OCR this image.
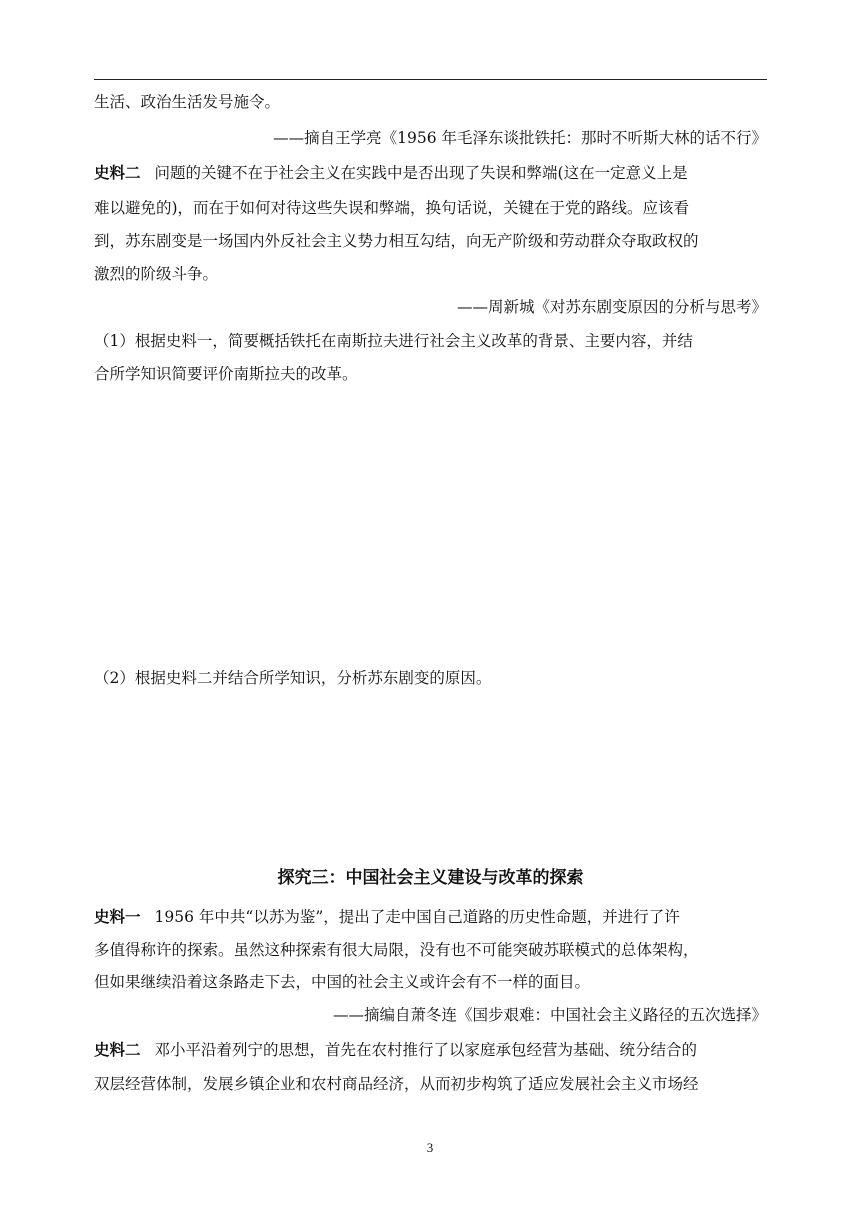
生活、政治生活发号施令。
——摘自王学亮《1956 年毛泽东谈批铁托：那时不听斯大林的话不行》
史料二 问题的关键不在于社会主义在实践中是否出现了失误和弊端(这在一定意义上是
难以避免的)，而在于如何对待这些失误和弊端，换句话说，关键在于党的路线。应该看
到，苏东剧变是一场国内外反社会主义势力相互勾结，向无产阶级和劳动群众夺取政权的
激烈的阶级斗争。
——周新城《对苏东剧变原因的分析与思考》
（1）根据史料一，简要概括铁托在南斯拉夫进行社会主义改革的背景、主要内容，并结
合所学知识简要评价南斯拉夫的改革。
（2）根据史料二并结合所学知识，分析苏东剧变的原因。
探究三：中国社会主义建设与改革的探索
史料一 1956 年中共“以苏为鉴”，提出了走中国自己道路的历史性命题，并进行了许
多值得称许的探索。虽然这种探索有很大局限，没有也不可能突破苏联模式的总体架构，
但如果继续沿着这条路走下去，中国的社会主义或许会有不一样的面目。
——摘编自萧冬连《国步艰难：中国社会主义路径的五次选择》
史料二 邓小平沿着列宁的思想，首先在农村推行了以家庭承包经营为基础、统分结合的
双层经营体制，发展乡镇企业和农村商品经济，从而初步构筑了适应发展社会主义市场经
3
